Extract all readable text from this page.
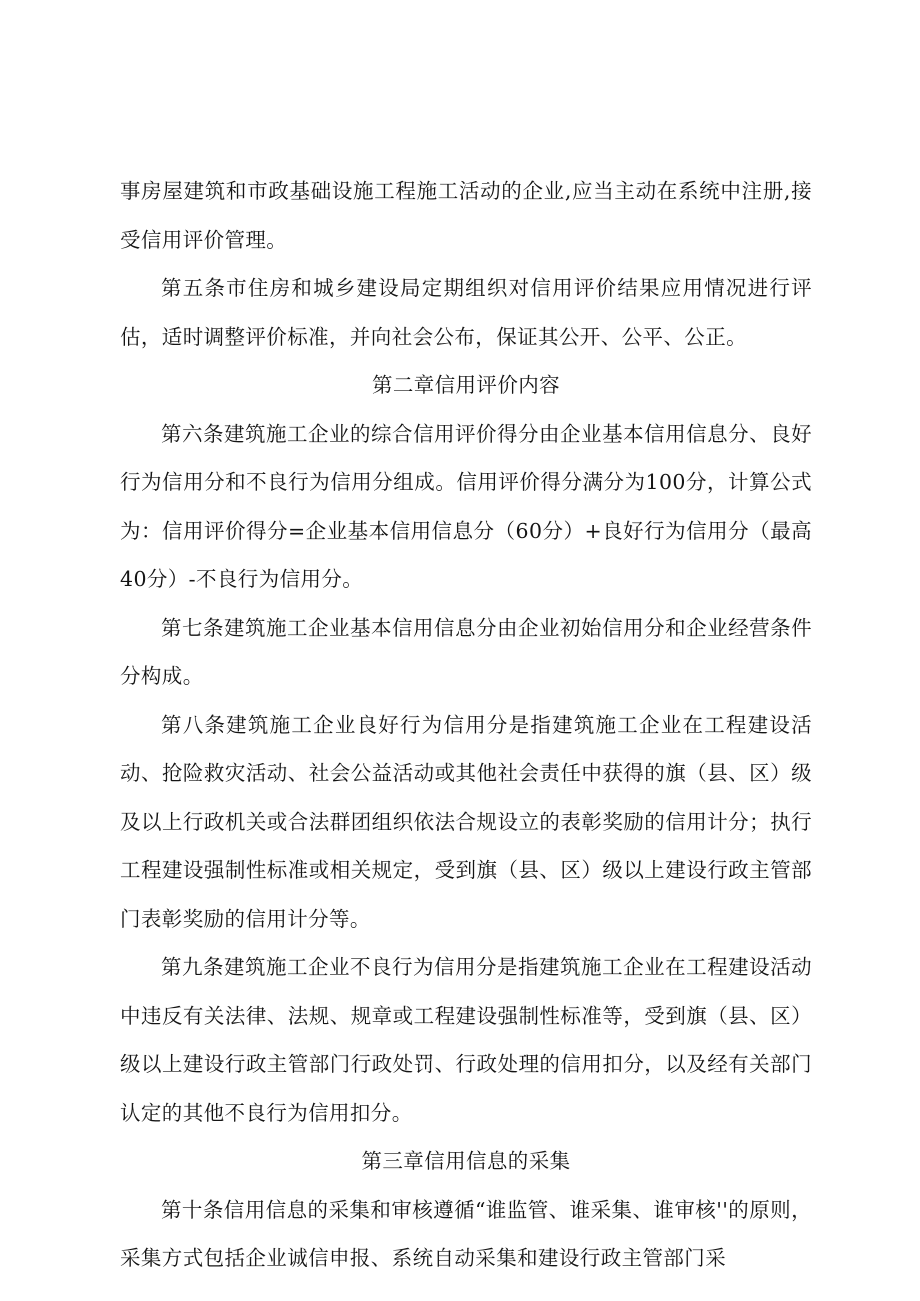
事房屋建筑和市政基础设施工程施工活动的企业,应当主动在系统中注册,接受信用评价管理。

第五条市住房和城乡建设局定期组织对信用评价结果应用情况进行评估，适时调整评价标准，并向社会公布，保证其公开、公平、公正。

第二章信用评价内容

第六条建筑施工企业的综合信用评价得分由企业基本信用信息分、良好行为信用分和不良行为信用分组成。信用评价得分满分为100分，计算公式为：信用评价得分=企业基本信用信息分（60分）+良好行为信用分（最高40分）-不良行为信用分。

第七条建筑施工企业基本信用信息分由企业初始信用分和企业经营条件分构成。

第八条建筑施工企业良好行为信用分是指建筑施工企业在工程建设活动、抢险救灾活动、社会公益活动或其他社会责任中获得的旗（县、区）级及以上行政机关或合法群团组织依法合规设立的表彰奖励的信用计分；执行工程建设强制性标准或相关规定，受到旗（县、区）级以上建设行政主管部门表彰奖励的信用计分等。

第九条建筑施工企业不良行为信用分是指建筑施工企业在工程建设活动中违反有关法律、法规、规章或工程建设强制性标准等，受到旗（县、区）级以上建设行政主管部门行政处罚、行政处理的信用扣分，以及经有关部门认定的其他不良行为信用扣分。

第三章信用信息的采集

第十条信用信息的采集和审核遵循“谁监管、谁采集、谁审核''的原则，采集方式包括企业诚信申报、系统自动采集和建设行政主管部门采
